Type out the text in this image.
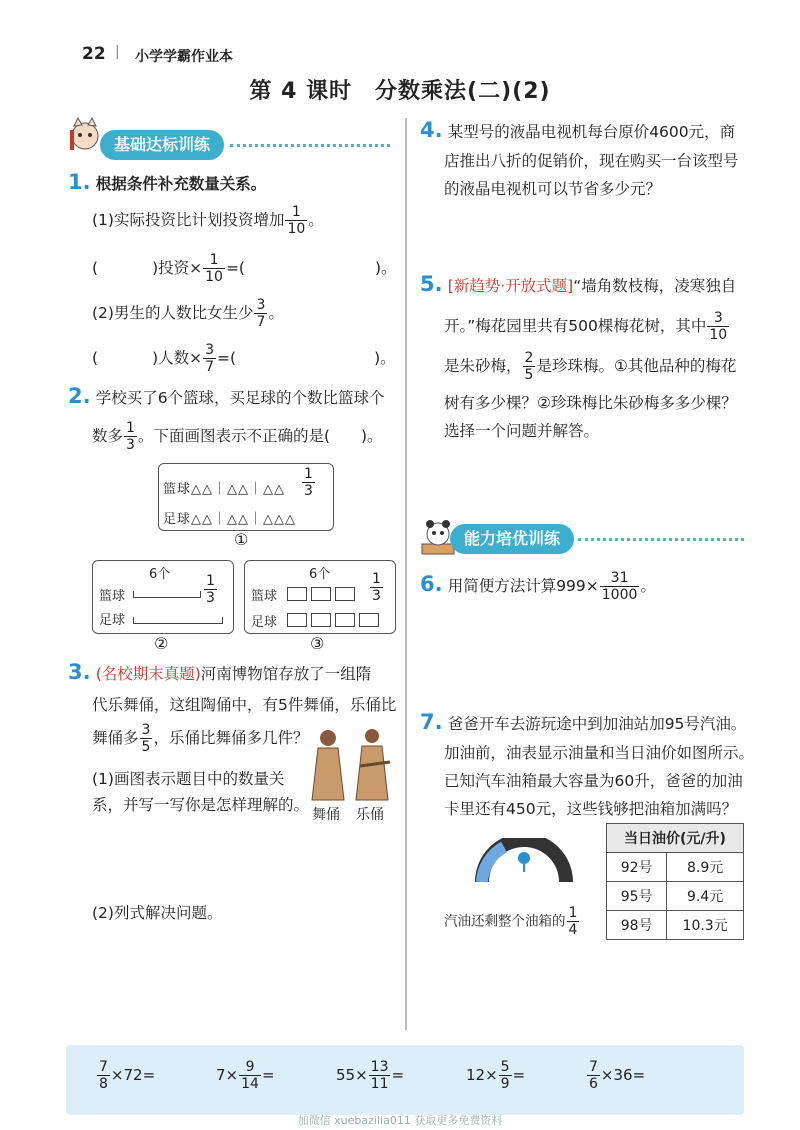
22 | 小学学霸作业本
第 4 课时　分数乘法(二)(2)
基础达标训练
1. 根据条件补充数量关系。
(1)实际投资比计划投资增加 $\frac{1}{10}$ 。
(	)投资× $\frac{1}{10}$ =(	)。
(2)男生的人数比女生少 $\frac{3}{7}$ 。
(	)人数× $\frac{3}{7}$ =(	)。
2. 学校买了6个篮球，买足球的个数比篮球个
数多 $\frac{1}{3}$ 。下面画图表示不正确的是(　　)。
篮球△△｜△△｜△△
足球△△｜△△｜△△△
$\frac{1}{3}$
①
6个
篮球
足球
$\frac{1}{3}$
②
6个
篮球
足球
$\frac{1}{3}$
③
3. (名校期末真题)河南博物馆存放了一组隋
代乐舞俑，这组陶俑中，有5件舞俑，乐俑比
舞俑多 $\frac{3}{5}$ ，乐俑比舞俑多几件？
(1)画图表示题目中的数量关
系，并写一写你是怎样理解的。
舞俑 乐俑
(2)列式解决问题。
4. 某型号的液晶电视机每台原价4600元，商
店推出八折的促销价，现在购买一台该型号
的液晶电视机可以节省多少元？
5. [新趋势·开放式题]“墙角数枝梅，凌寒独自
开。”梅花园里共有500棵梅花树，其中 $\frac{3}{10}$
是朱砂梅， $\frac{2}{5}$ 是珍珠梅。①其他品种的梅花
树有多少棵？②珍珠梅比朱砂梅多多少棵？
选择一个问题并解答。
能力培优训练
6. 用简便方法计算$999\times \frac{31}{1000}$ 。
7. 爸爸开车去游玩途中到加油站加95号汽油。
加油前，油表显示油量和当日油价如图所示。
已知汽车油箱最大容量为60升，爸爸的加油
卡里还有450元，这些钱够把油箱加满吗？
汽油还剩整个油箱的 $\frac{1}{4}$
当日油价(元/升)	
92号	8.9元
95号	9.4元
98号	10.3元
$\frac{7}{8} \times 72=$	$7\times \frac{9}{14}$ =	$55\times \frac{13}{11}$ =	$12\times \frac{5}{9}$ =	$\frac{7}{6} \times 36=$
加微信 xuebazilia011 获取更多免费资料
